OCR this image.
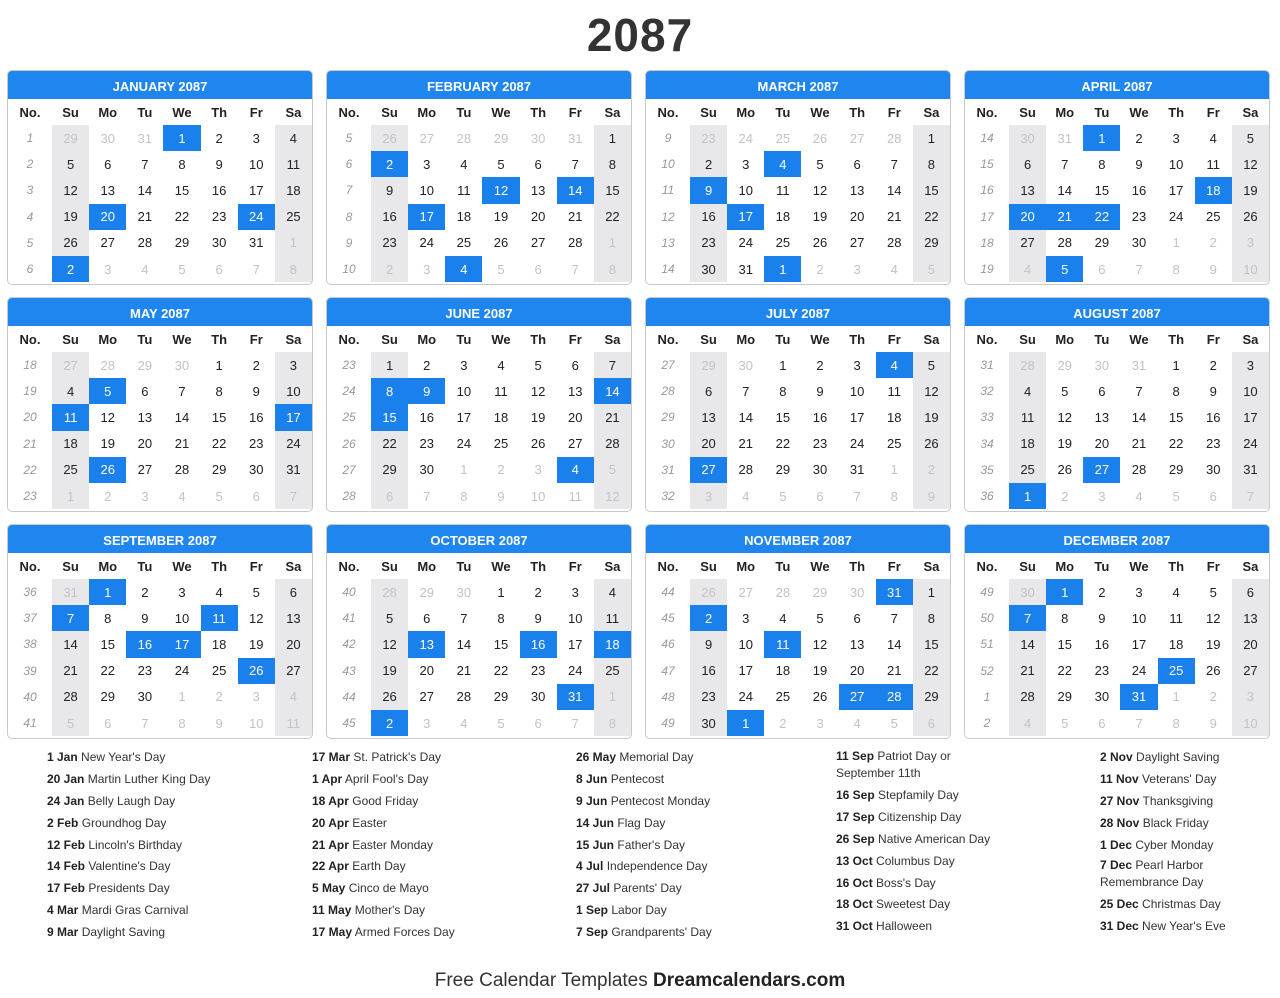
2087
JANUARY 2087
No.	Su	Mo	Tu	We	Th	Fr	Sa
1	29	30	31	1	2	3	4
2	5	6	7	8	9	10	11
3	12	13	14	15	16	17	18
4	19	20	21	22	23	24	25
5	26	27	28	29	30	31	1
6	2	3	4	5	6	7	8
FEBRUARY 2087
No.	Su	Mo	Tu	We	Th	Fr	Sa
5	26	27	28	29	30	31	1
6	2	3	4	5	6	7	8
7	9	10	11	12	13	14	15
8	16	17	18	19	20	21	22
9	23	24	25	26	27	28	1
10	2	3	4	5	6	7	8
MARCH 2087
No.	Su	Mo	Tu	We	Th	Fr	Sa
9	23	24	25	26	27	28	1
10	2	3	4	5	6	7	8
11	9	10	11	12	13	14	15
12	16	17	18	19	20	21	22
13	23	24	25	26	27	28	29
14	30	31	1	2	3	4	5
APRIL 2087
No.	Su	Mo	Tu	We	Th	Fr	Sa
14	30	31	1	2	3	4	5
15	6	7	8	9	10	11	12
16	13	14	15	16	17	18	19
17	20	21	22	23	24	25	26
18	27	28	29	30	1	2	3
19	4	5	6	7	8	9	10
MAY 2087
No.	Su	Mo	Tu	We	Th	Fr	Sa
18	27	28	29	30	1	2	3
19	4	5	6	7	8	9	10
20	11	12	13	14	15	16	17
21	18	19	20	21	22	23	24
22	25	26	27	28	29	30	31
23	1	2	3	4	5	6	7
JUNE 2087
No.	Su	Mo	Tu	We	Th	Fr	Sa
23	1	2	3	4	5	6	7
24	8	9	10	11	12	13	14
25	15	16	17	18	19	20	21
26	22	23	24	25	26	27	28
27	29	30	1	2	3	4	5
28	6	7	8	9	10	11	12
JULY 2087
No.	Su	Mo	Tu	We	Th	Fr	Sa
27	29	30	1	2	3	4	5
28	6	7	8	9	10	11	12
29	13	14	15	16	17	18	19
30	20	21	22	23	24	25	26
31	27	28	29	30	31	1	2
32	3	4	5	6	7	8	9
AUGUST 2087
No.	Su	Mo	Tu	We	Th	Fr	Sa
31	28	29	30	31	1	2	3
32	4	5	6	7	8	9	10
33	11	12	13	14	15	16	17
34	18	19	20	21	22	23	24
35	25	26	27	28	29	30	31
36	1	2	3	4	5	6	7
SEPTEMBER 2087
No.	Su	Mo	Tu	We	Th	Fr	Sa
36	31	1	2	3	4	5	6
37	7	8	9	10	11	12	13
38	14	15	16	17	18	19	20
39	21	22	23	24	25	26	27
40	28	29	30	1	2	3	4
41	5	6	7	8	9	10	11
OCTOBER 2087
No.	Su	Mo	Tu	We	Th	Fr	Sa
40	28	29	30	1	2	3	4
41	5	6	7	8	9	10	11
42	12	13	14	15	16	17	18
43	19	20	21	22	23	24	25
44	26	27	28	29	30	31	1
45	2	3	4	5	6	7	8
NOVEMBER 2087
No.	Su	Mo	Tu	We	Th	Fr	Sa
44	26	27	28	29	30	31	1
45	2	3	4	5	6	7	8
46	9	10	11	12	13	14	15
47	16	17	18	19	20	21	22
48	23	24	25	26	27	28	29
49	30	1	2	3	4	5	6
DECEMBER 2087
No.	Su	Mo	Tu	We	Th	Fr	Sa
49	30	1	2	3	4	5	6
50	7	8	9	10	11	12	13
51	14	15	16	17	18	19	20
52	21	22	23	24	25	26	27
1	28	29	30	31	1	2	3
2	4	5	6	7	8	9	10
1 Jan New Year's Day
20 Jan Martin Luther King Day
24 Jan Belly Laugh Day
2 Feb Groundhog Day
12 Feb Lincoln's Birthday
14 Feb Valentine's Day
17 Feb Presidents Day
4 Mar Mardi Gras Carnival
9 Mar Daylight Saving
17 Mar St. Patrick's Day
1 Apr April Fool's Day
18 Apr Good Friday
20 Apr Easter
21 Apr Easter Monday
22 Apr Earth Day
5 May Cinco de Mayo
11 May Mother's Day
17 May Armed Forces Day
26 May Memorial Day
8 Jun Pentecost
9 Jun Pentecost Monday
14 Jun Flag Day
15 Jun Father's Day
4 Jul Independence Day
27 Jul Parents' Day
1 Sep Labor Day
7 Sep Grandparents' Day
11 Sep Patriot Day or September 11th
16 Sep Stepfamily Day
17 Sep Citizenship Day
26 Sep Native American Day
13 Oct Columbus Day
16 Oct Boss's Day
18 Oct Sweetest Day
31 Oct Halloween
2 Nov Daylight Saving
11 Nov Veterans' Day
27 Nov Thanksgiving
28 Nov Black Friday
1 Dec Cyber Monday
7 Dec Pearl Harbor Remembrance Day
25 Dec Christmas Day
31 Dec New Year's Eve
Free Calendar Templates Dreamcalendars.com
